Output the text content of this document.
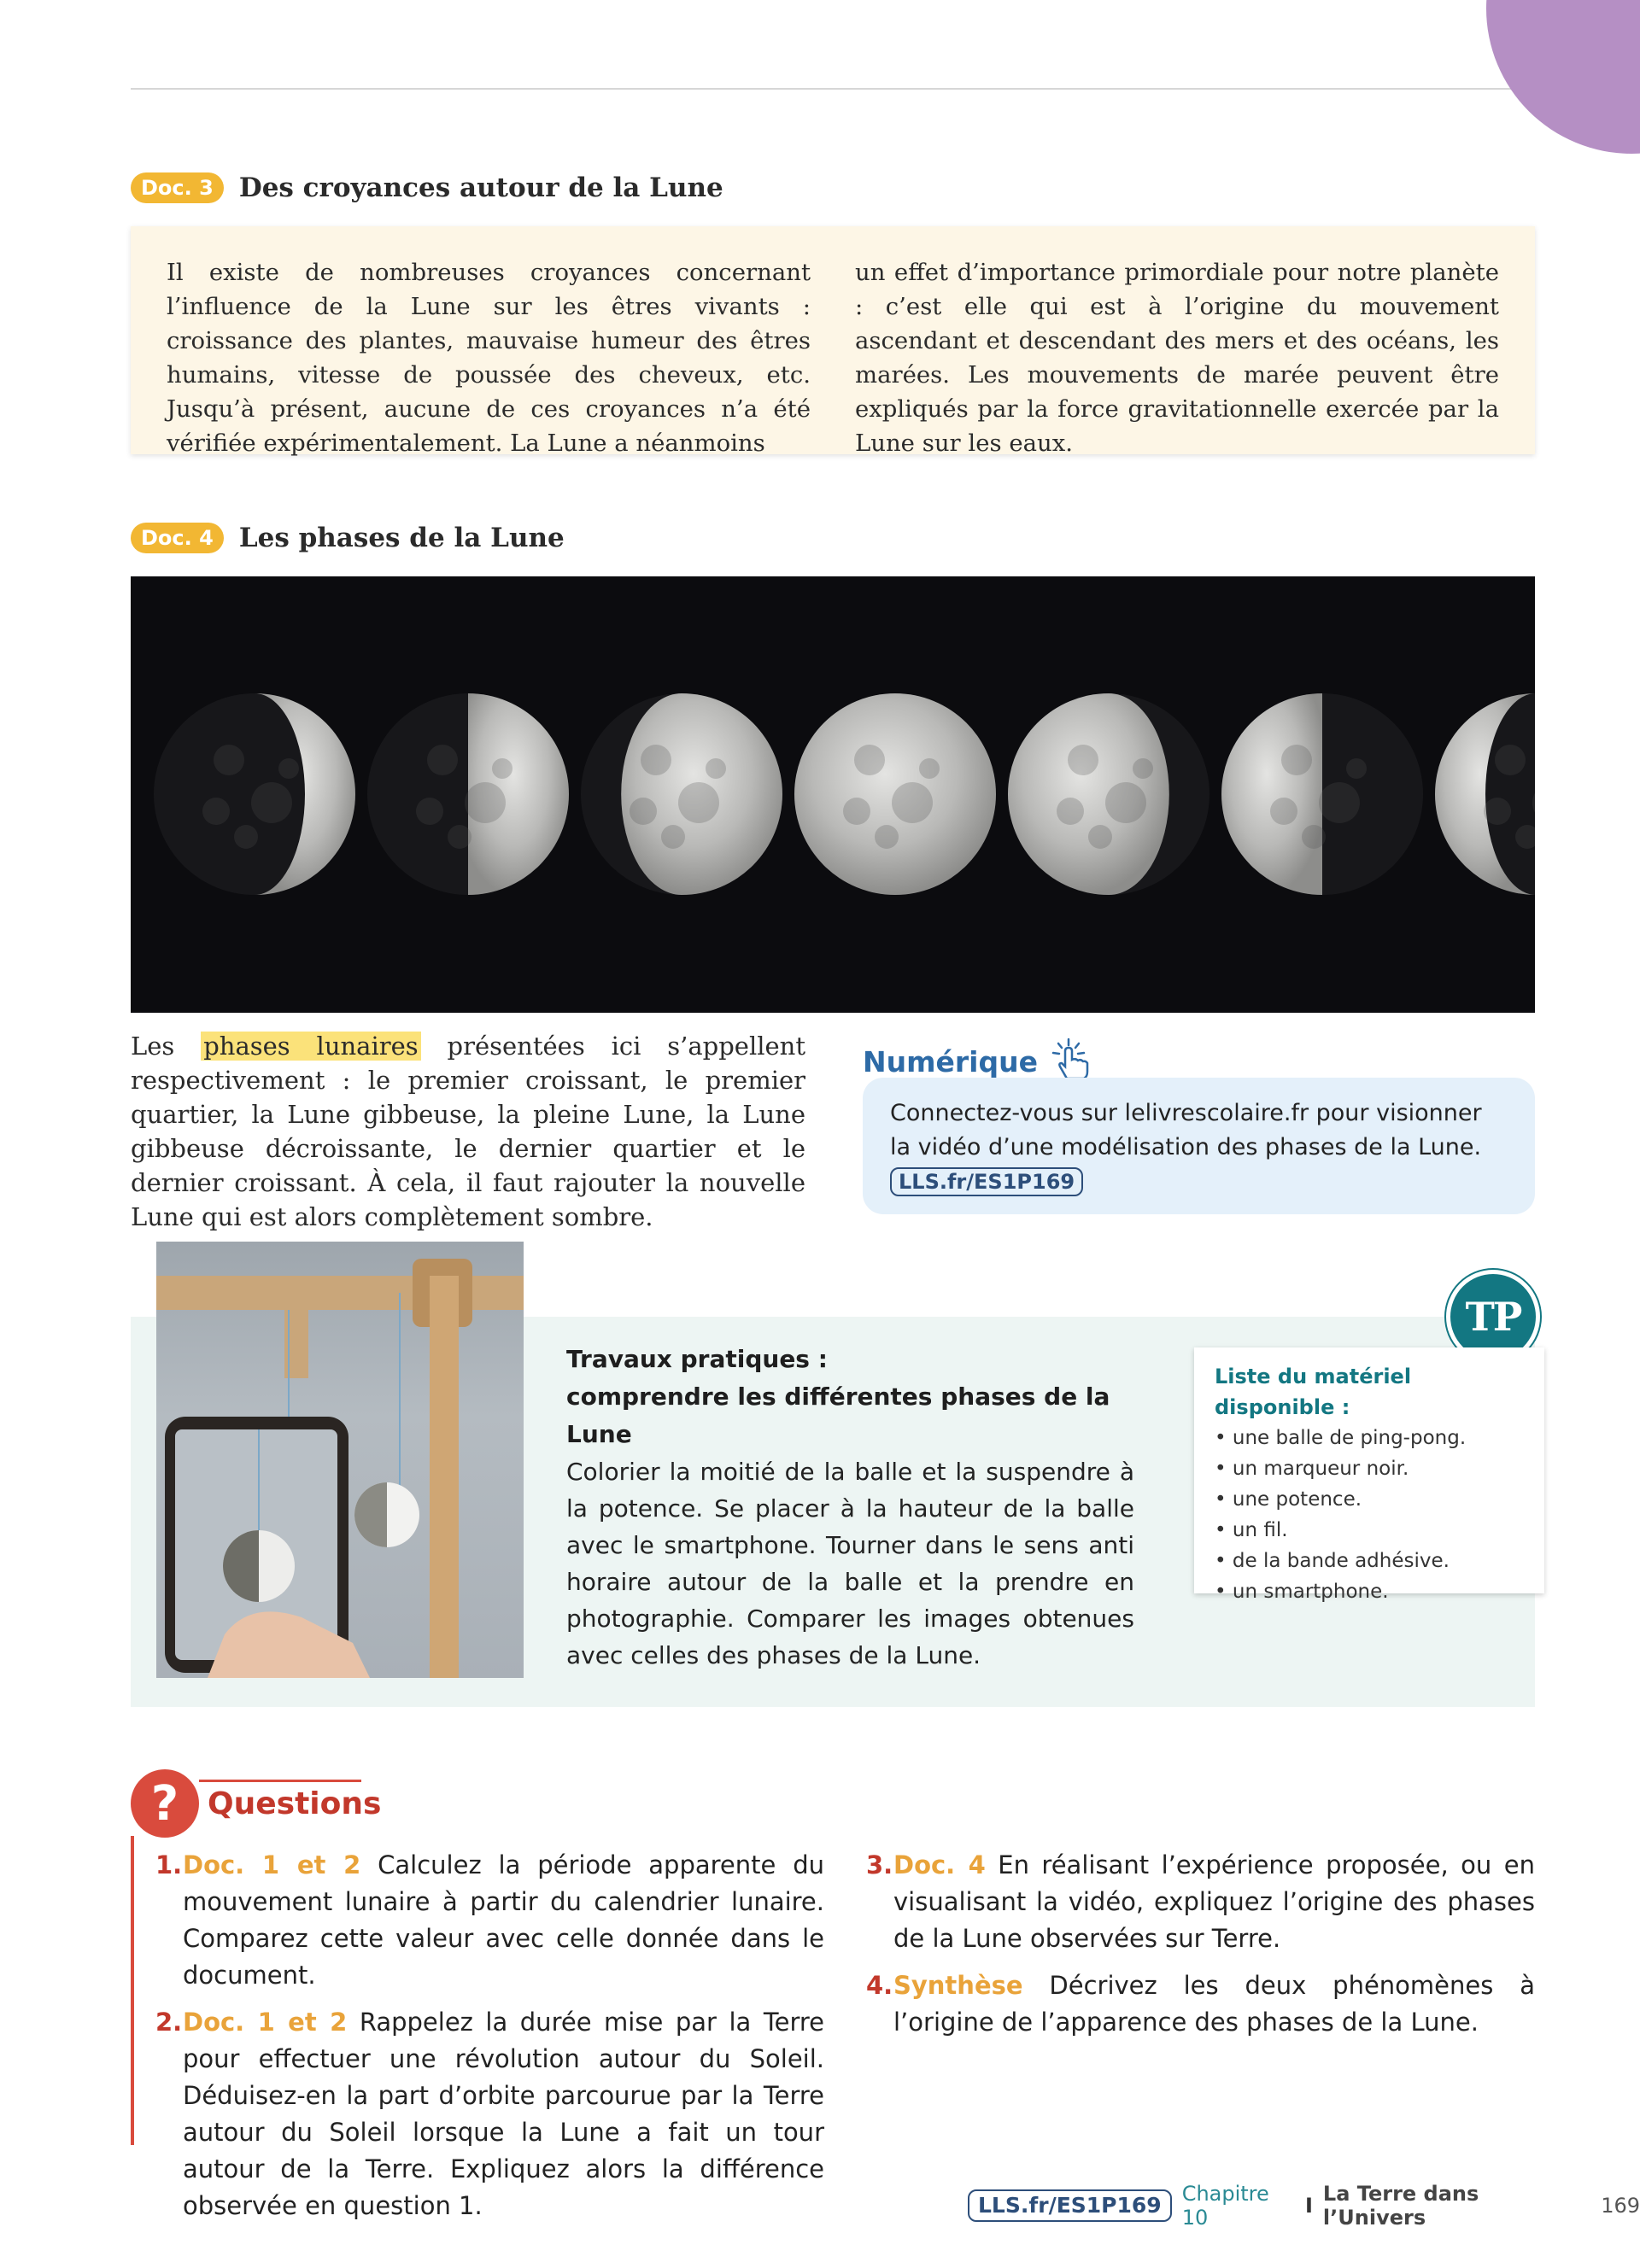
Doc. 3 Des croyances autour de la Lune
Il existe de nombreuses croyances concernant l’influence de la Lune sur les êtres vivants : croissance des plantes, mauvaise humeur des êtres humains, vitesse de poussée des cheveux, etc. Jusqu’à présent, aucune de ces croyances n’a été vérifiée expérimentalement. La Lune a néanmoins
un effet d’importance primordiale pour notre planète : c’est elle qui est à l’origine du mouvement ascendant et descendant des mers et des océans, les marées. Les mouvements de marée peuvent être expliqués par la force gravitationnelle exercée par la Lune sur les eaux.
Doc. 4 Les phases de la Lune
Les phases lunaires présentées ici s’appellent respectivement : le premier croissant, le premier quartier, la Lune gibbeuse, la pleine Lune, la Lune gibbeuse décroissante, le dernier quartier et le dernier croissant. À cela, il faut rajouter la nouvelle Lune qui est alors complètement sombre.
Numérique
Connectez-vous sur lelivrescolaire.fr pour visionner la vidéo d’une modélisation des phases de la Lune.
LLS.fr/ES1P169
TP
Travaux pratiques :
comprendre les différentes phases de la Lune
Colorier la moitié de la balle et la suspendre à la potence. Se placer à la hauteur de la balle avec le smartphone. Tourner dans le sens anti horaire autour de la balle et la prendre en photographie. Comparer les images obtenues avec celles des phases de la Lune.
Liste du matériel disponible :
• une balle de ping-pong.
• un marqueur noir.
• une potence.
• un fil.
• de la bande adhésive.
• un smartphone.
? Questions
1. Doc. 1 et 2 Calculez la période apparente du mouvement lunaire à partir du calendrier lunaire. Comparez cette valeur avec celle donnée dans le document.
2. Doc. 1 et 2 Rappelez la durée mise par la Terre pour effectuer une révolution autour du Soleil. Déduisez-en la part d’orbite parcourue par la Terre autour du Soleil lorsque la Lune a fait un tour autour de la Terre. Expliquez alors la différence observée en question 1.
3. Doc. 4 En réalisant l’expérience proposée, ou en visualisant la vidéo, expliquez l’origine des phases de la Lune observées sur Terre.
4. Synthèse Décrivez les deux phénomènes à l’origine de l’apparence des phases de la Lune.
LLS.fr/ES1P169	Chapitre 10	I La Terre dans l’Univers	169
